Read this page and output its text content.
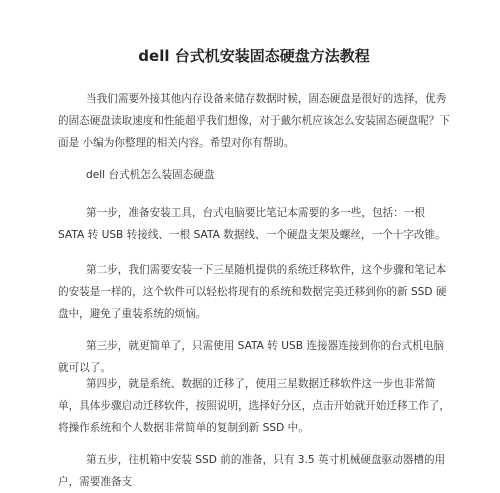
dell 台式机安装固态硬盘方法教程

当我们需要外接其他内存设备来储存数据时候，固态硬盘是很好的选择，优秀的固态硬盘读取速度和性能超乎我们想像，对于戴尔机应该怎么安装固态硬盘呢？下面是 小编为你整理的相关内容。希望对你有帮助。

dell 台式机怎么装固态硬盘

第一步，准备安装工具，台式电脑要比笔记本需要的多一些，包括：一根 SATA 转 USB 转接线、一根 SATA 数据线、一个硬盘支架及螺丝，一个十字改锥。

第二步，我们需要安装一下三星随机提供的系统迁移软件，这个步骤和笔记本的安装是一样的，这个软件可以轻松将现有的系统和数据完美迁移到你的新 SSD 硬盘中，避免了重装系统的烦恼。

第三步，就更简单了，只需使用 SATA 转 USB 连接器连接到你的台式机电脑就可以了。

第四步，就是系统、数据的迁移了，使用三星数据迁移软件这一步也非常简单，具体步骤启动迁移软件，按照说明，选择好分区，点击开始就开始迁移工作了，将操作系统和个人数据非常简单的复制到新 SSD 中。

第五步，往机箱中安装 SSD 前的准备，只有 3.5 英寸机械硬盘驱动器槽的用户，需要准备支
